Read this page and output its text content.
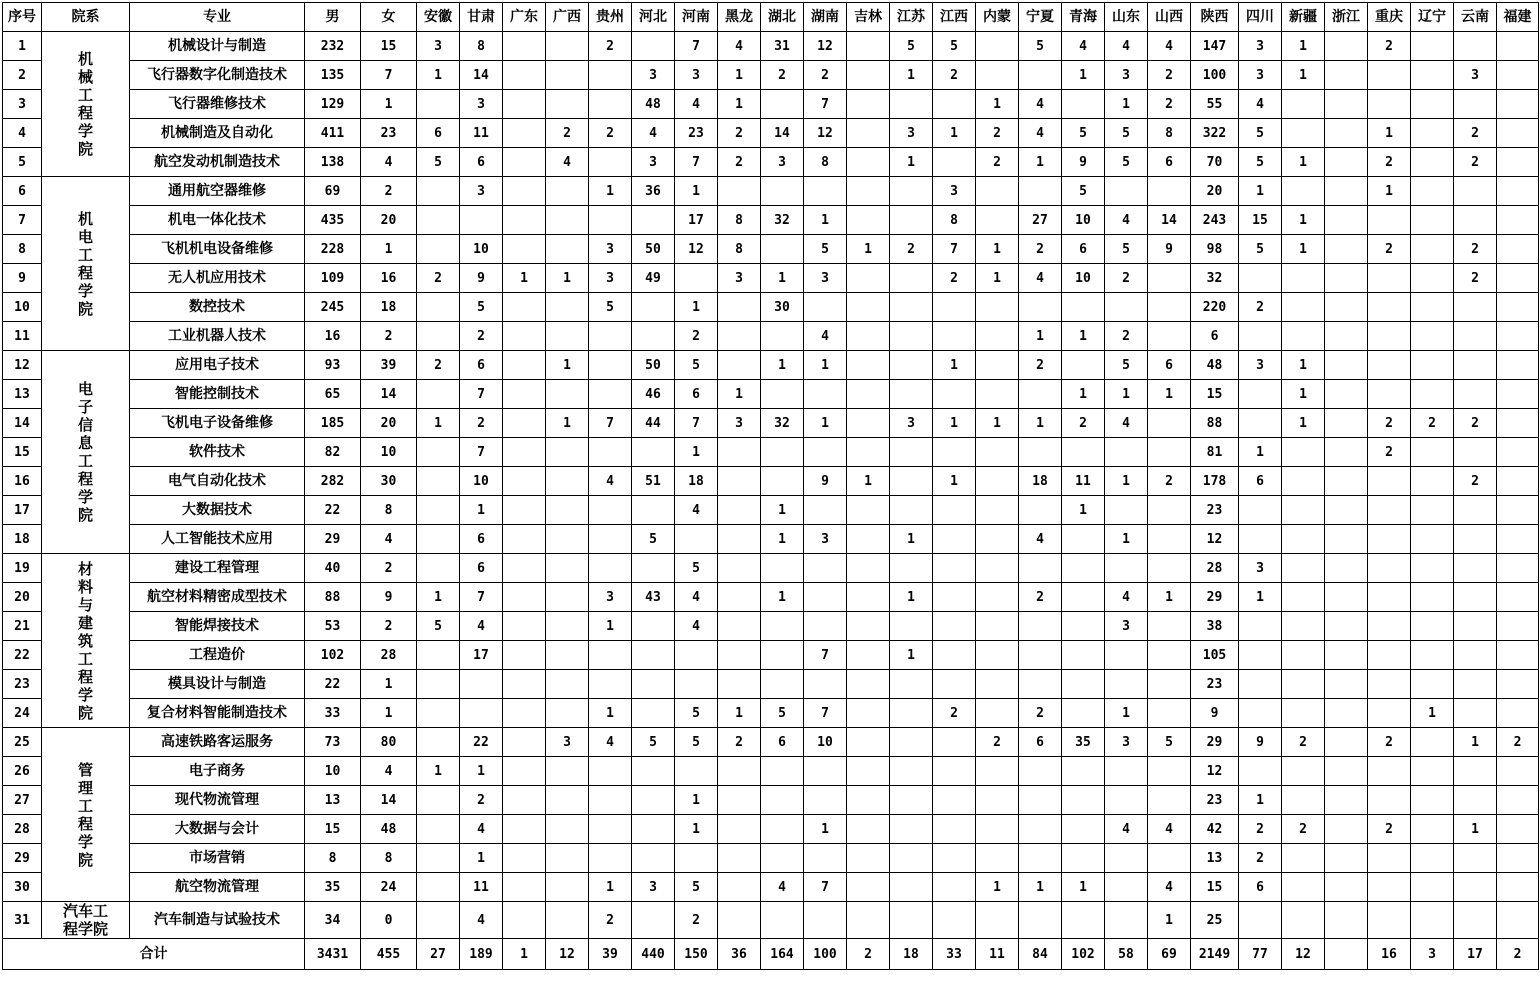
序号	院系	专业	男	女	安徽	甘肃	广东	广西	贵州	河北	河南	黑龙	湖北	湖南	吉林	江苏	江西	内蒙	宁夏	青海	山东	山西	陕西	四川	新疆	浙江	重庆	辽宁	云南	福建
1	机械工程学院	机械设计与制造	232	15	3	8			2		7	4	31	12		5	5		5	4	4	4	147	3	1		2			
2		飞行器数字化制造技术	135	7	1	14				3	3	1	2	2		1	2			1	3	2	100	3	1				3	
3		飞行器维修技术	129	1		3				48	4	1		7				1	4		1	2	55	4						
4		机械制造及自动化	411	23	6	11		2	2	4	23	2	14	12		3	1	2	4	5	5	8	322	5			1		2	
5		航空发动机制造技术	138	4	5	6		4		3	7	2	3	8		1		2	1	9	5	6	70	5	1		2		2	
6	机电工程学院	通用航空器维修	69	2		3			1	36	1						3			5			20	1			1			
7		机电一体化技术	435	20							17	8	32	1			8		27	10	4	14	243	15	1					
8		飞机机电设备维修	228	1		10			3	50	12	8		5	1	2	7	1	2	6	5	9	98	5	1		2		2	
9		无人机应用技术	109	16	2	9	1	1	3	49		3	1	3			2	1	4	10	2		32						2	
10		数控技术	245	18		5			5		1		30										220	2						
11		工业机器人技术	16	2		2					2			4					1	1	2		6							
12	电子信息工程学院	应用电子技术	93	39	2	6		1		50	5		1	1			1		2		5	6	48	3	1					
13		智能控制技术	65	14		7				46	6	1								1	1	1	15		1					
14		飞机电子设备维修	185	20	1	2		1	7	44	7	3	32	1		3	1	1	1	2	4		88		1		2	2	2	
15		软件技术	82	10		7					1												81	1			2			
16		电气自动化技术	282	30		10			4	51	18			9	1		1		18	11	1	2	178	6					2	
17		大数据技术	22	8		1					4		1							1			23							
18		人工智能技术应用	29	4		6				5			1	3		1			4		1		12							
19	材料与建筑工程学院	建设工程管理	40	2		6					5												28	3						
20		航空材料精密成型技术	88	9	1	7			3	43	4		1			1			2		4	1	29	1						
21		智能焊接技术	53	2	5	4			1		4										3		38							
22		工程造价	102	28		17								7		1							105							
23		模具设计与制造	22	1																			23							
24		复合材料智能制造技术	33	1					1		5	1	5	7			2		2		1		9					1		
25	管理工程学院	高速铁路客运服务	73	80		22		3	4	5	5	2	6	10				2	6	35	3	5	29	9	2		2		1	2
26		电子商务	10	4	1	1																	12							
27		现代物流管理	13	14		2					1												23	1						
28		大数据与会计	15	48		4					1			1							4	4	42	2	2		2		1	
29		市场营销	8	8		1																	13	2						
30		航空物流管理	35	24		11			1	3	5		4	7				1	1	1		4	15	6						
31	汽车工程学院	汽车制造与试验技术	34	0		4			2		2											1	25							
合计			3431	455	27	189	1	12	39	440	150	36	164	100	2	18	33	11	84	102	58	69	2149	77	12		16	3	17	2
